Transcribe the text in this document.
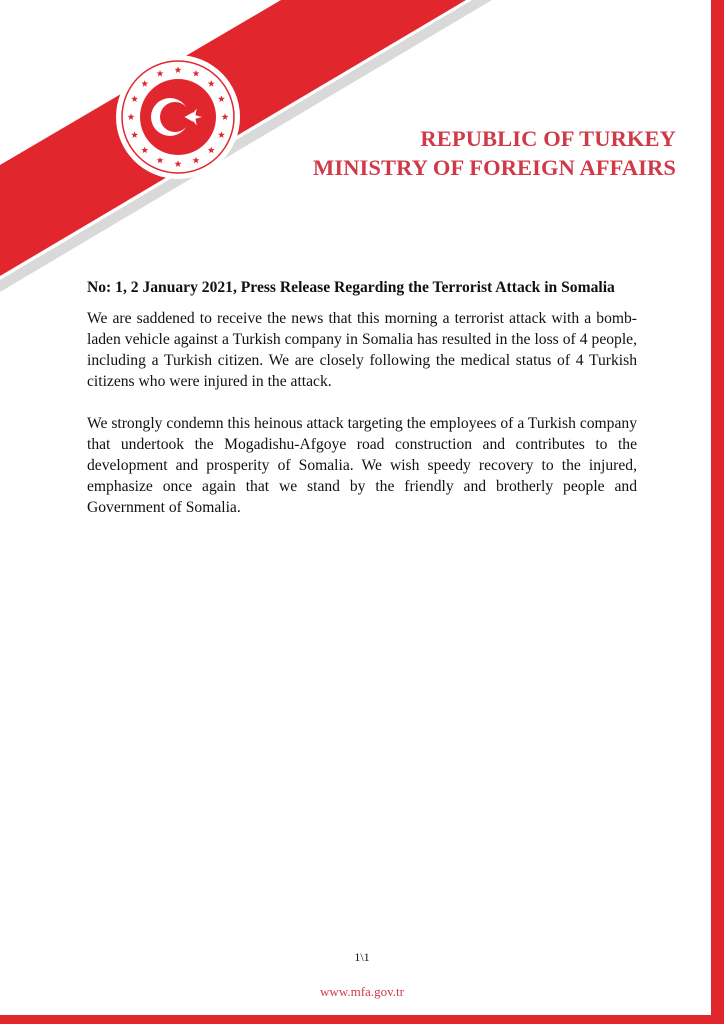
REPUBLIC OF TURKEY
MINISTRY OF FOREIGN AFFAIRS
No: 1, 2 January 2021, Press Release Regarding the Terrorist Attack in Somalia

We are saddened to receive the news that this morning a terrorist attack with a bomb-laden vehicle against a Turkish company in Somalia has resulted in the loss of 4 people, including a Turkish citizen. We are closely following the medical status of 4 Turkish citizens who were injured in the attack.

We strongly condemn this heinous attack targeting the employees of a Turkish company that undertook the Mogadishu-Afgoye road construction and contributes to the development and prosperity of Somalia. We wish speedy recovery to the injured, emphasize once again that we stand by the friendly and brotherly people and Government of Somalia.

1\1
www.mfa.gov.tr
